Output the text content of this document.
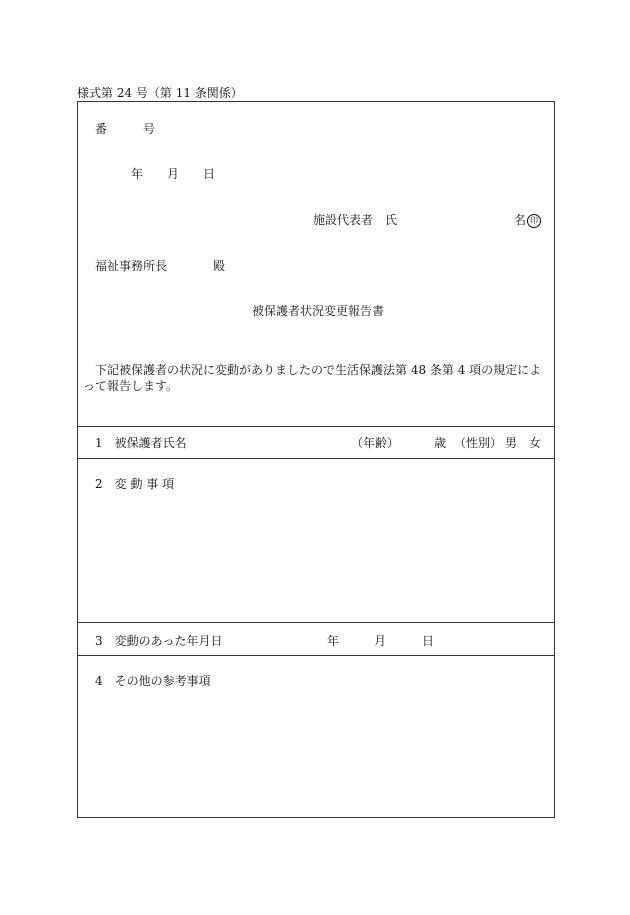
様式第 24 号（第 11 条関係）
番　　　号
年 月 日
施設代表者　氏	名 印
福祉事務所長	殿
被保護者状況変更報告書
下記被保護者の状況に変動がありましたので生活保護法第 48 条第 4 項の規定によって報告します。
1　被保護者氏名	（年齢）	歳 （性別） 男 女
2　変 動 事 項
3　変動のあった年月日	年	月	日
4　その他の参考事項
